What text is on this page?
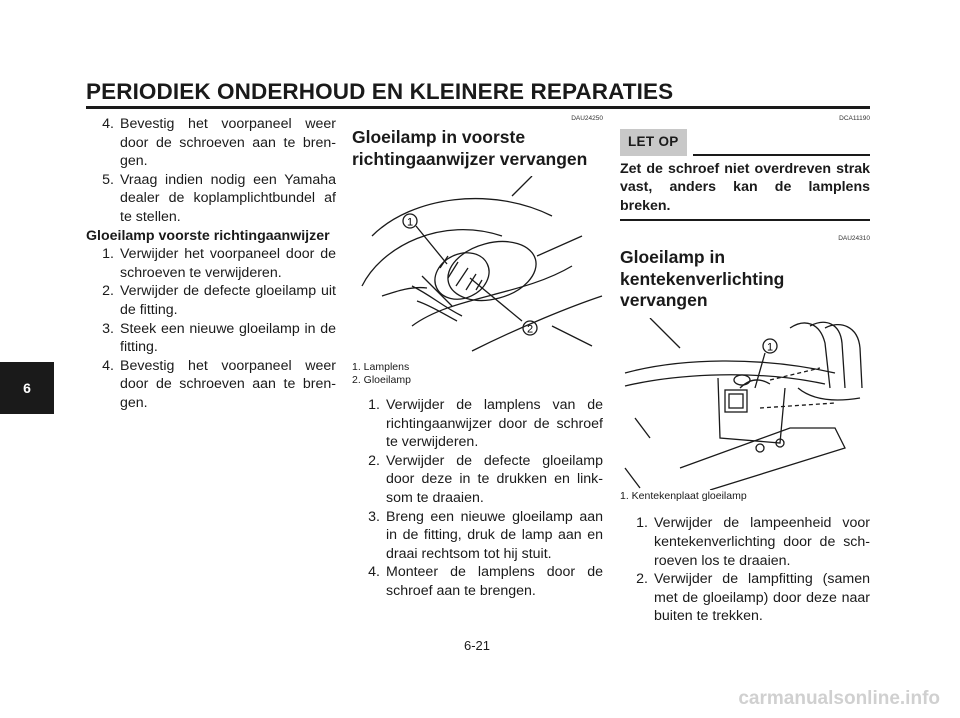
PERIODIEK ONDERHOUD EN KLEINERE REPARATIES
6
4. Bevestig het voorpaneel weer door de schroeven aan te bren-gen.
5. Vraag indien nodig een Yamaha dealer de koplamplichtbundel af te stellen.
Gloeilamp voorste richtingaanwijzer
1. Verwijder het voorpaneel door de schroeven te verwijderen.
2. Verwijder de defecte gloeilamp uit de fitting.
3. Steek een nieuwe gloeilamp in de fitting.
4. Bevestig het voorpaneel weer door de schroeven aan te bren-gen.
DAU24250
Gloeilamp in voorste richtingaanwijzer vervangen
1
2
1. Lamplens
2. Gloeilamp
1. Verwijder de lamplens van de richtingaanwijzer door de schroef te verwijderen.
2. Verwijder de defecte gloeilamp door deze in te drukken en link-som te draaien.
3. Breng een nieuwe gloeilamp aan in de fitting, druk de lamp aan en draai rechtsom tot hij stuit.
4. Monteer de lamplens door de schroef aan te brengen.
DCA11190
LET OP
Zet de schroef niet overdreven strak vast, anders kan de lamplens breken.
DAU24310
Gloeilamp in kentekenverlichting vervangen
1
1. Kentekenplaat gloeilamp
1. Verwijder de lampeenheid voor kentekenverlichting door de sch-roeven los te draaien.
2. Verwijder de lampfitting (samen met de gloeilamp) door deze naar buiten te trekken.
6-21
carmanualsonline.info
